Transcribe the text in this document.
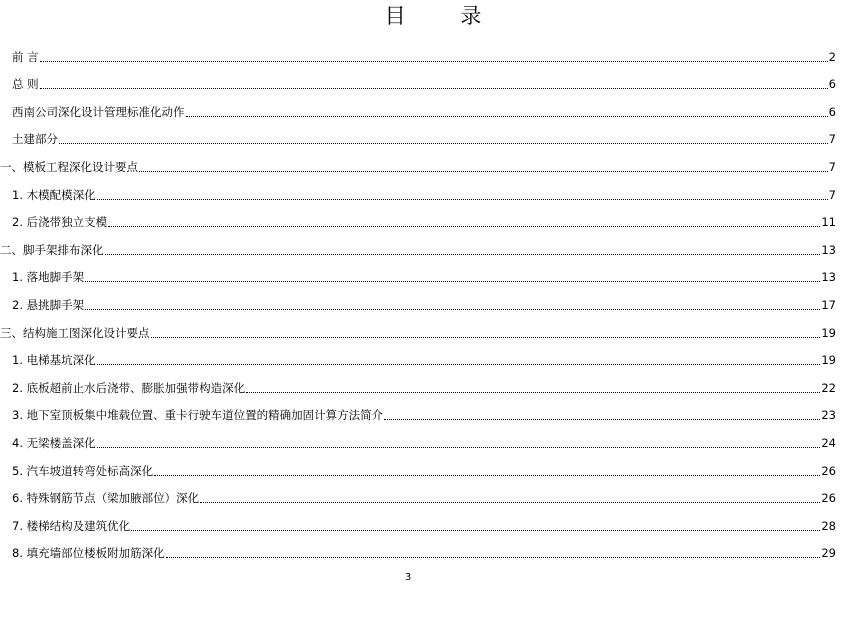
目 录
前 言	2
总 则	6
西南公司深化设计管理标准化动作	6
土建部分	7
一、模板工程深化设计要点	7
1. 木模配模深化	7
2. 后浇带独立支模	11
二、脚手架排布深化	13
1. 落地脚手架	13
2. 悬挑脚手架	17
三、结构施工图深化设计要点	19
1. 电梯基坑深化	19
2. 底板超前止水后浇带、膨胀加强带构造深化	22
3. 地下室顶板集中堆载位置、重卡行驶车道位置的精确加固计算方法简介	23
4. 无梁楼盖深化	24
5. 汽车坡道转弯处标高深化	26
6. 特殊钢筋节点（梁加腋部位）深化	26
7. 楼梯结构及建筑优化	28
8. 填充墙部位楼板附加筋深化	29
3
